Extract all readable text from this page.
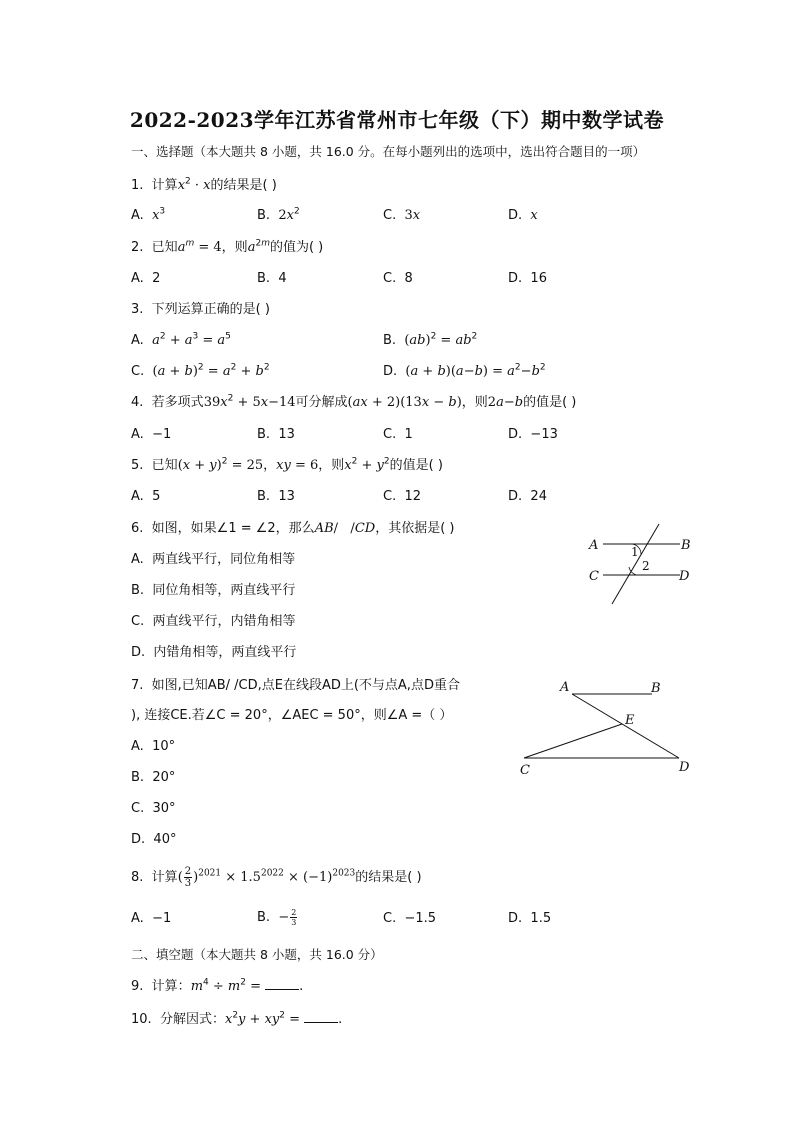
2022-2023学年江苏省常州市七年级（下）期中数学试卷
一、选择题（本大题共 8 小题，共 16.0 分。在每小题列出的选项中，选出符合题目的一项）
1. 计算$x^2 \cdot x$的结果是( )
A.  $x^3$	B.  $2x^2$	C.  3x	D.  x
2. 已知$a^m = 4$，则$a^{2m}$的值为( )
A. 2	B. 4	C. 8	D. 16
3. 下列运算正确的是( )
A.  $a^2 + a^3 = a^5$	B.  $(ab)^2 = ab^2$
C.  $(a + b)^2 = a^2 + b^2$	D.  $(a + b)(a-b) = a^2-b^2$
4. 若多项式$39x^2 + 5x-14$可分解成(ax + 2)(13x − b)，则2a−b的值是( )
A. −1	B. 13	C. 1	D. −13
5. 已知$(x + y)^2 = 25$，xy = 6，则$x^2 + y^2$的值是( )
A. 5	B. 13	C. 12	D. 24
6. 如图，如果∠1 = ∠2，那么AB/   /CD，其依据是( )
A. 两直线平行，同位角相等
B. 同位角相等，两直线平行
C. 两直线平行，内错角相等
D. 内错角相等，两直线平行
A	B
C	D
1
2
7. 如图,已知AB/ /CD,点E在线段AD上(不与点A,点D重合
), 连接CE.若∠C = 20°，∠AEC = 50°，则∠A =（ ）
A. 10°
B. 20°
C. 30°
D. 40°
A	B
E
C	D
8. 计算( $\frac{2}{3} )^{2021} \times 1.5^{2022} \times (-1)^{2023}$的结果是( )
A. −1	B. − $\frac{2}{3}$	C. −1.5	D. 1.5
二、填空题（本大题共 8 小题，共 16.0 分）
9. 计算：$m^4 \div m^2$ =	.
10. 分解因式：$x^2y + xy^2$ =	.
